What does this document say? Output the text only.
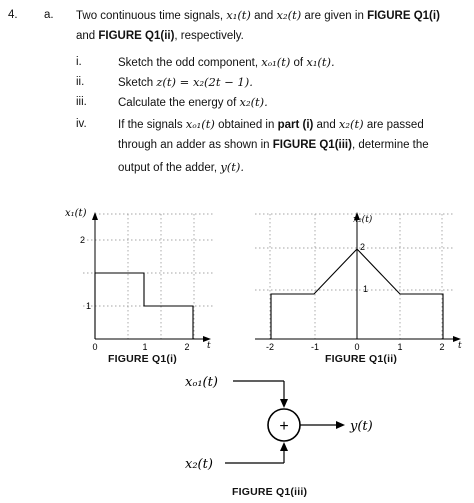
4. a. Two continuous time signals, x₁(t) and x₂(t) are given in FIGURE Q1(i)
and FIGURE Q1(ii), respectively.
i.	Sketch the odd component, xₒ₁(t) of x₁(t).
ii.	Sketch z(t) = x₂(2t − 1).
iii.	Calculate the energy of x₂(t).
iv.	If the signals xₒ₁(t) obtained in part (i) and x₂(t) are passed
through an adder as shown in FIGURE Q1(iii), determine the
output of the adder, y(t).
x₁(t)
2
1
0	1	2 t
FIGURE Q1(i)
x₂(t)
2
1
-2	-1	0	1	2 t
FIGURE Q1(ii)
xₒ₁(t)
+	y(t)
x₂(t)
FIGURE Q1(iii)
